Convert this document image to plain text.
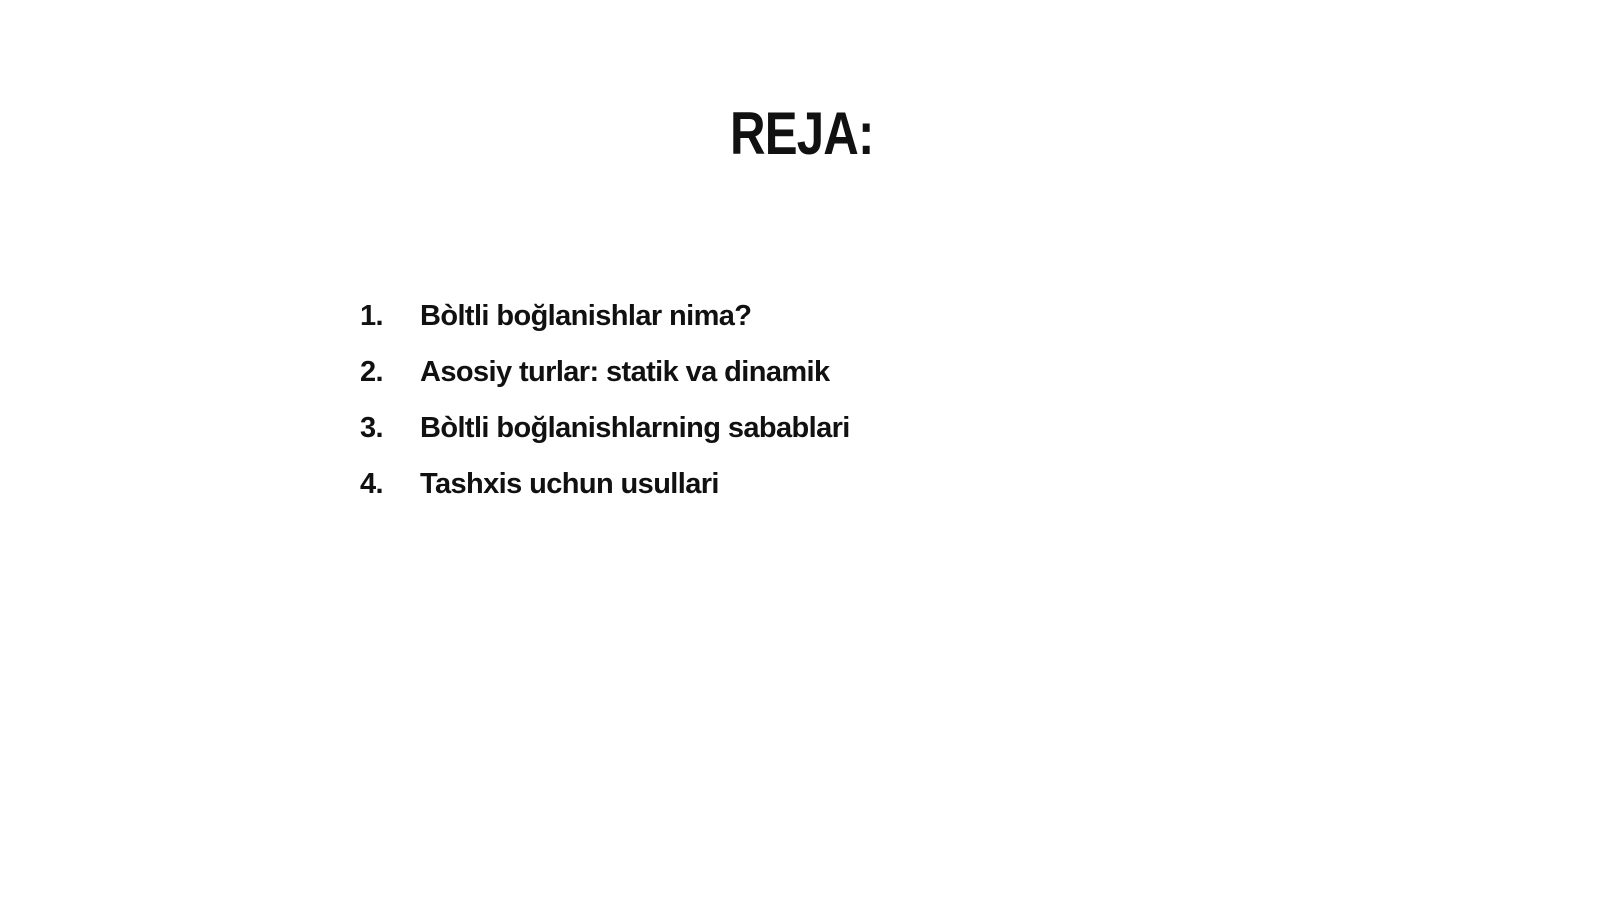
REJA:
1.	Bòltli boğlanishlar nima?
2.	Asosiy turlar: statik va dinamik
3.	Bòltli boğlanishlarning sabablari
4.	Tashxis uchun usullari
